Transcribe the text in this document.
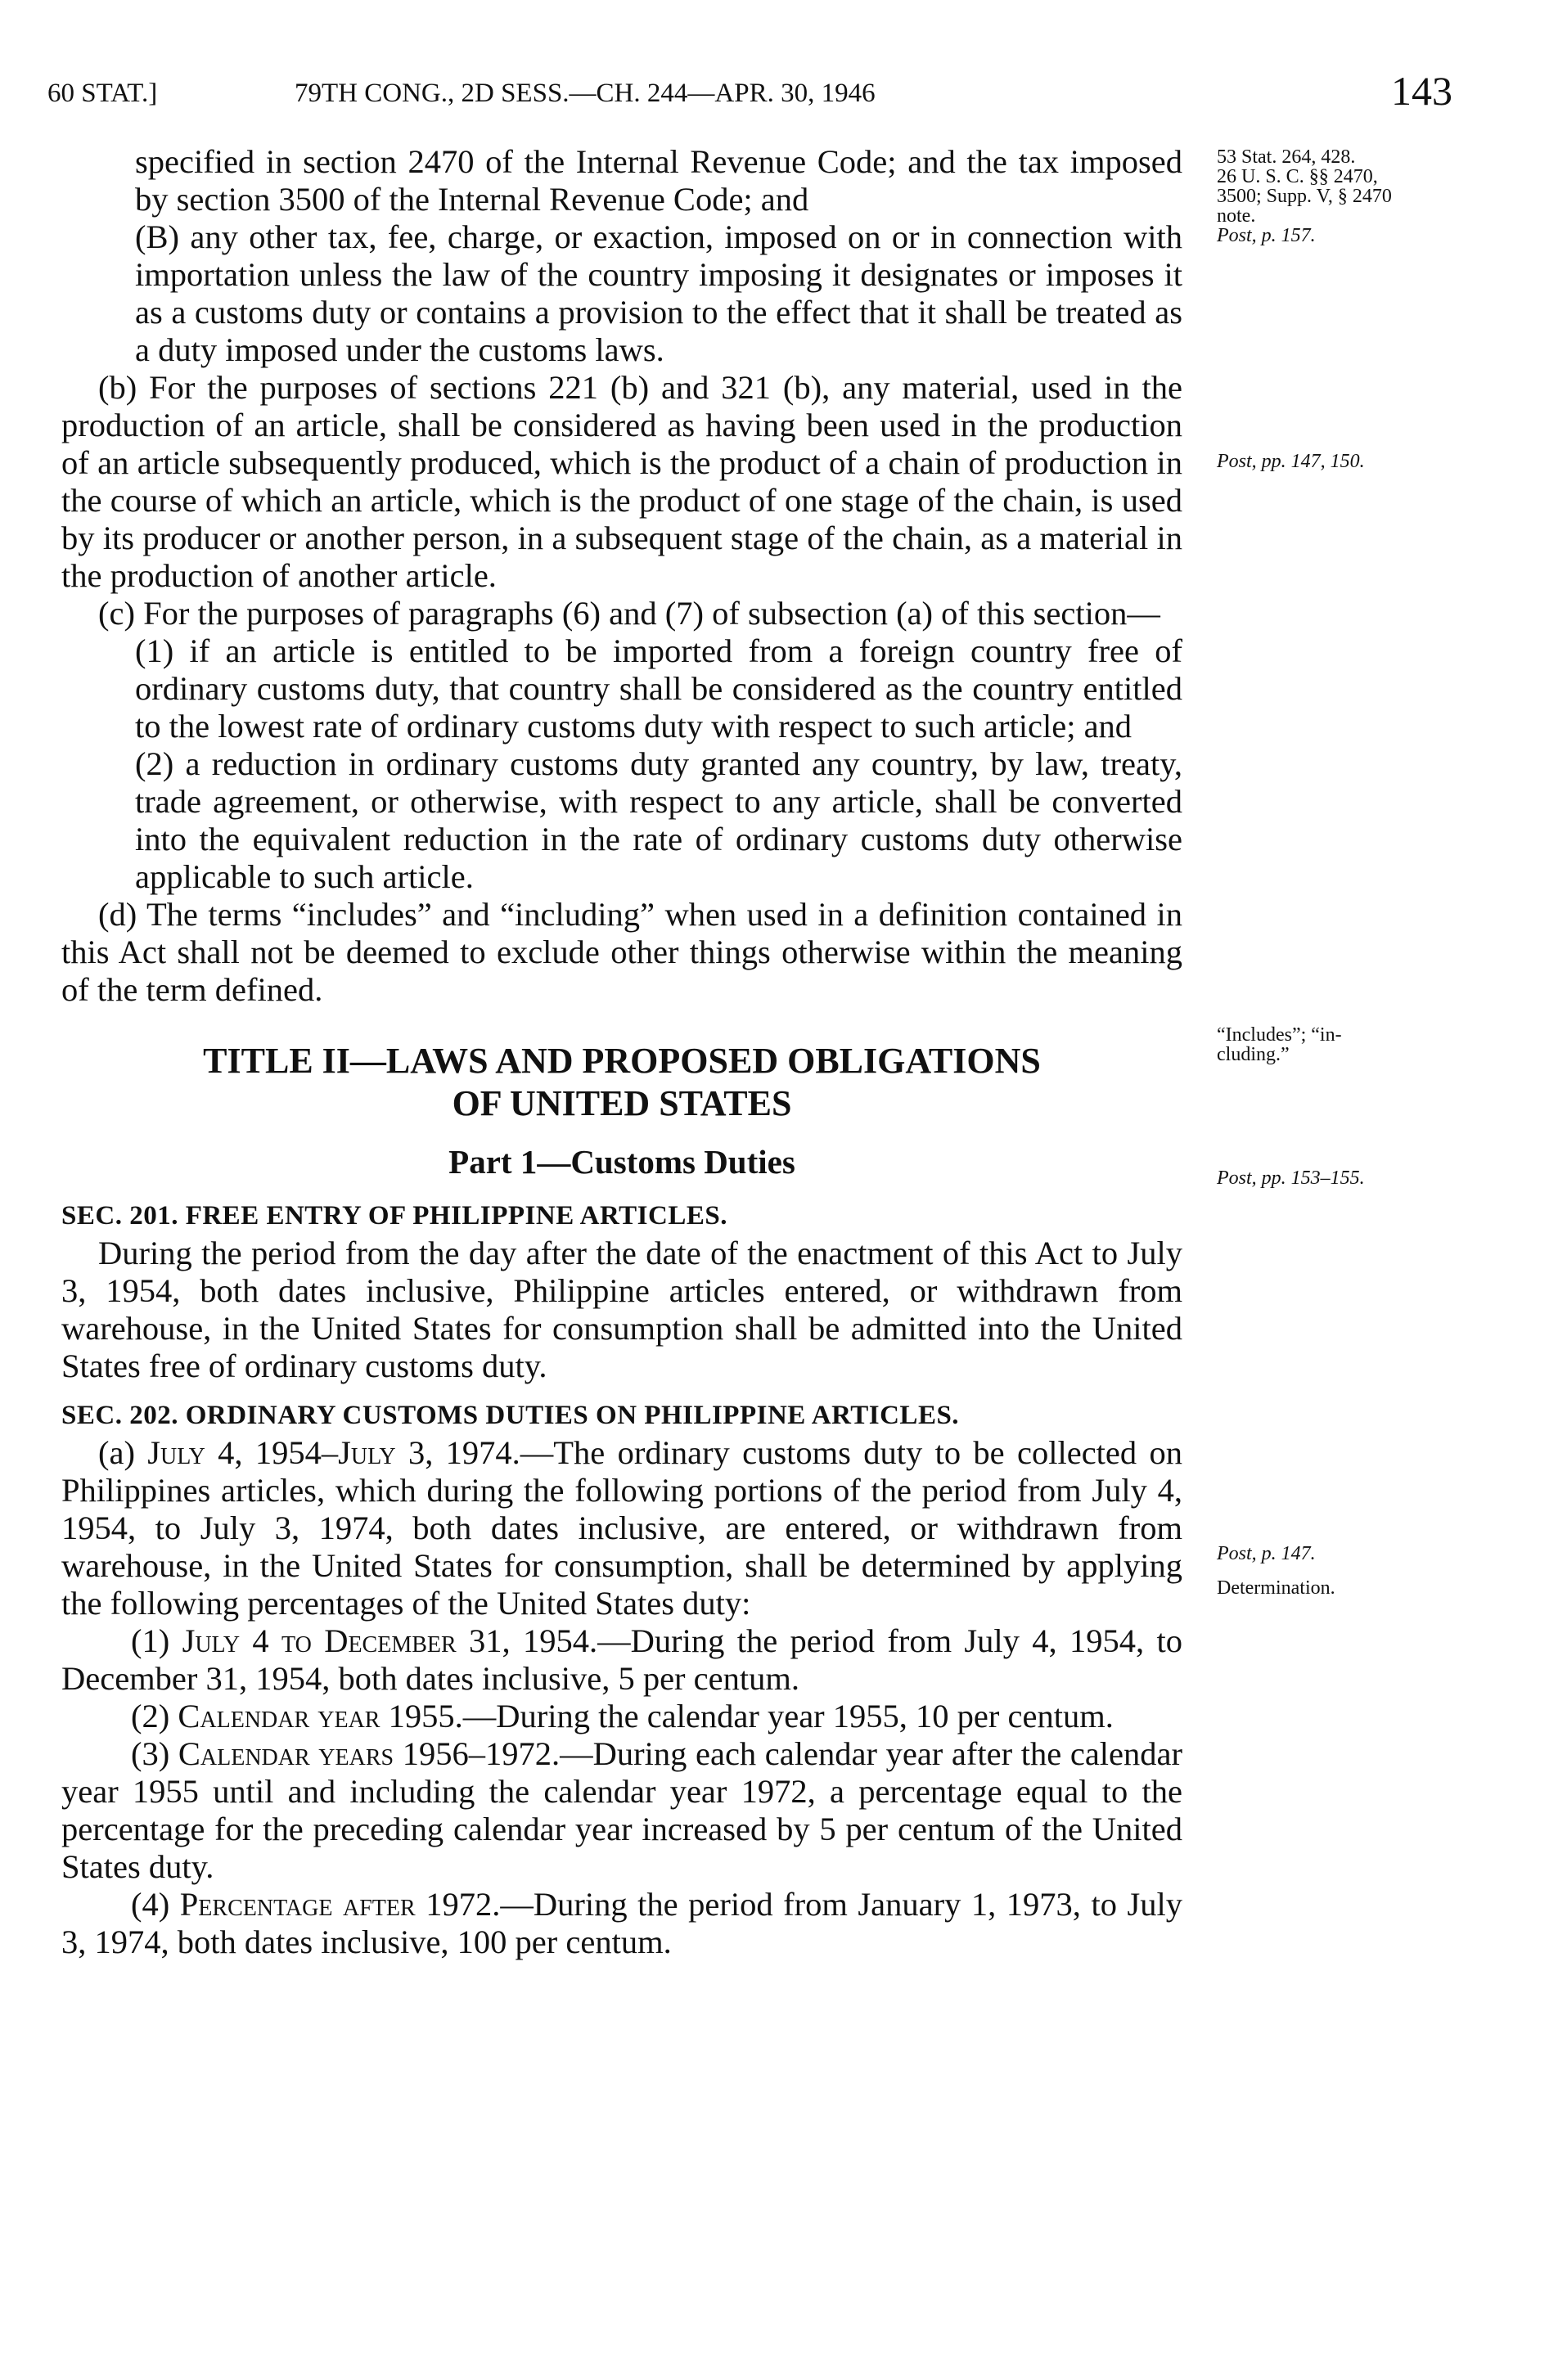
60 STAT.]	79TH CONG., 2D SESS.—CH. 244—APR. 30, 1946	143

specified in section 2470 of the Internal Revenue Code; and the tax imposed by section 3500 of the Internal Revenue Code; and

(B) any other tax, fee, charge, or exaction, imposed on or in connection with importation unless the law of the country imposing it designates or imposes it as a customs duty or contains a provision to the effect that it shall be treated as a duty imposed under the customs laws.

(b) For the purposes of sections 221 (b) and 321 (b), any material, used in the production of an article, shall be considered as having been used in the production of an article subsequently produced, which is the product of a chain of production in the course of which an article, which is the product of one stage of the chain, is used by its producer or another person, in a subsequent stage of the chain, as a material in the production of another article.

(c) For the purposes of paragraphs (6) and (7) of subsection (a) of this section—

(1) if an article is entitled to be imported from a foreign country free of ordinary customs duty, that country shall be considered as the country entitled to the lowest rate of ordinary customs duty with respect to such article; and

(2) a reduction in ordinary customs duty granted any country, by law, treaty, trade agreement, or otherwise, with respect to any article, shall be converted into the equivalent reduction in the rate of ordinary customs duty otherwise applicable to such article.

(d) The terms “includes” and “including” when used in a definition contained in this Act shall not be deemed to exclude other things otherwise within the meaning of the term defined.

TITLE II—LAWS AND PROPOSED OBLIGATIONS
OF UNITED STATES
Part 1—Customs Duties
SEC. 201. FREE ENTRY OF PHILIPPINE ARTICLES.

During the period from the day after the date of the enactment of this Act to July 3, 1954, both dates inclusive, Philippine articles entered, or withdrawn from warehouse, in the United States for consumption shall be admitted into the United States free of ordinary customs duty.

SEC. 202. ORDINARY CUSTOMS DUTIES ON PHILIPPINE ARTICLES.

(a) July 4, 1954–July 3, 1974.—The ordinary customs duty to be collected on Philippines articles, which during the following portions of the period from July 4, 1954, to July 3, 1974, both dates inclusive, are entered, or withdrawn from warehouse, in the United States for consumption, shall be determined by applying the following percentages of the United States duty:

(1) July 4 to December 31, 1954.—During the period from July 4, 1954, to December 31, 1954, both dates inclusive, 5 per centum.

(2) Calendar year 1955.—During the calendar year 1955, 10 per centum.

(3) Calendar years 1956–1972.—During each calendar year after the calendar year 1955 until and including the calendar year 1972, a percentage equal to the percentage for the preceding calendar year increased by 5 per centum of the United States duty.

(4) Percentage after 1972.—During the period from January 1, 1973, to July 3, 1974, both dates inclusive, 100 per centum.

53 Stat. 264, 428.
26 U. S. C. §§ 2470,
3500; Supp. V, § 2470
note.
Post, p. 157.
Post, pp. 147, 150.
“Includes”; “in-
cluding.”
Post, pp. 153–155.
Post, p. 147.
Determination.
